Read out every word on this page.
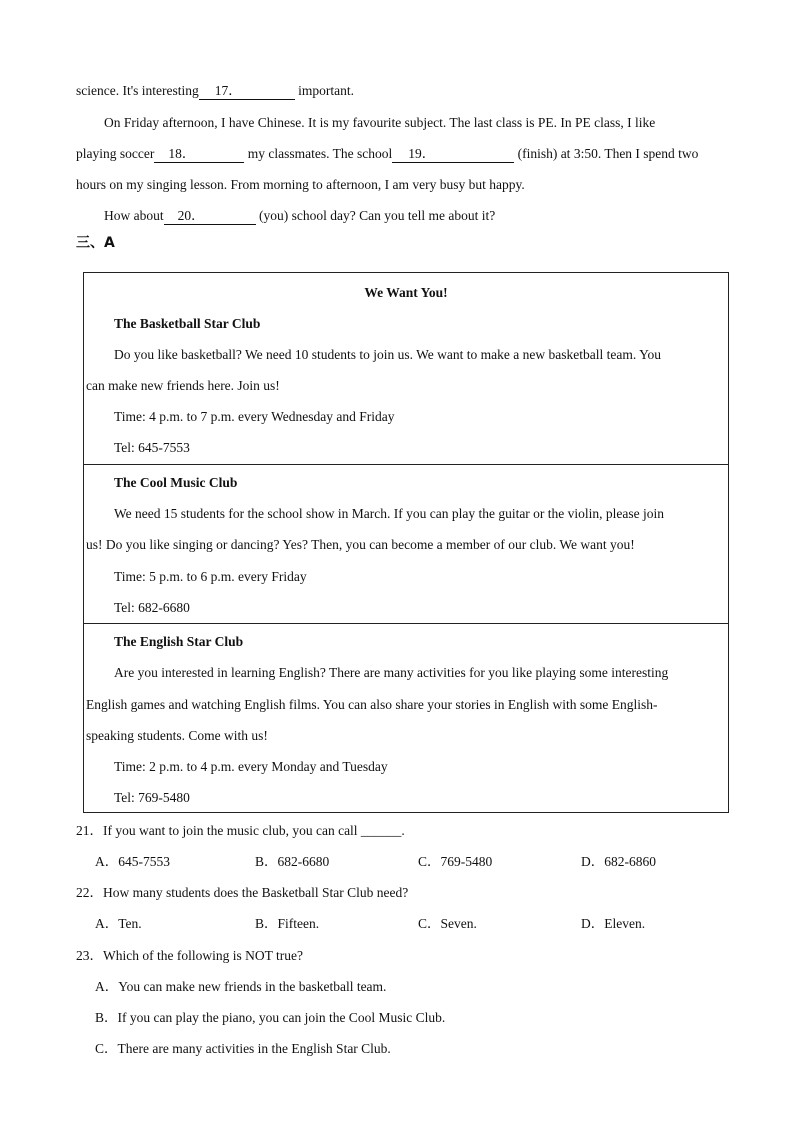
science. It's interesting 17．	important.
On Friday afternoon, I have Chinese. It is my favourite subject. The last class is PE. In PE class, I like
playing soccer 18．	my classmates. The school 19．	(finish) at 3:50. Then I spend two
hours on my singing lesson. From morning to afternoon, I am very busy but happy.
How about 20．	(you) school day? Can you tell me about it?
三、A
We Want You!
The Basketball Star Club
Do you like basketball? We need 10 students to join us. We want to make a new basketball team. You
can make new friends here. Join us!
Time: 4 p.m. to 7 p.m. every Wednesday and Friday
Tel: 645-7553
The Cool Music Club
We need 15 students for the school show in March. If you can play the guitar or the violin, please join
us! Do you like singing or dancing? Yes? Then, you can become a member of our club. We want you!
Time: 5 p.m. to 6 p.m. every Friday
Tel: 682-6680
The English Star Club
Are you interested in learning English? There are many activities for you like playing some interesting
English games and watching English films. You can also share your stories in English with some English-
speaking students. Come with us!
Time: 2 p.m. to 4 p.m. every Monday and Tuesday
Tel: 769-5480
21．If you want to join the music club, you can call ______.
A．645-7553	B．682-6680	C．769-5480	D．682-6860
22．How many students does the Basketball Star Club need?
A．Ten.	B．Fifteen.	C．Seven.	D．Eleven.
23．Which of the following is NOT true?
A．You can make new friends in the basketball team.
B．If you can play the piano, you can join the Cool Music Club.
C．There are many activities in the English Star Club.
